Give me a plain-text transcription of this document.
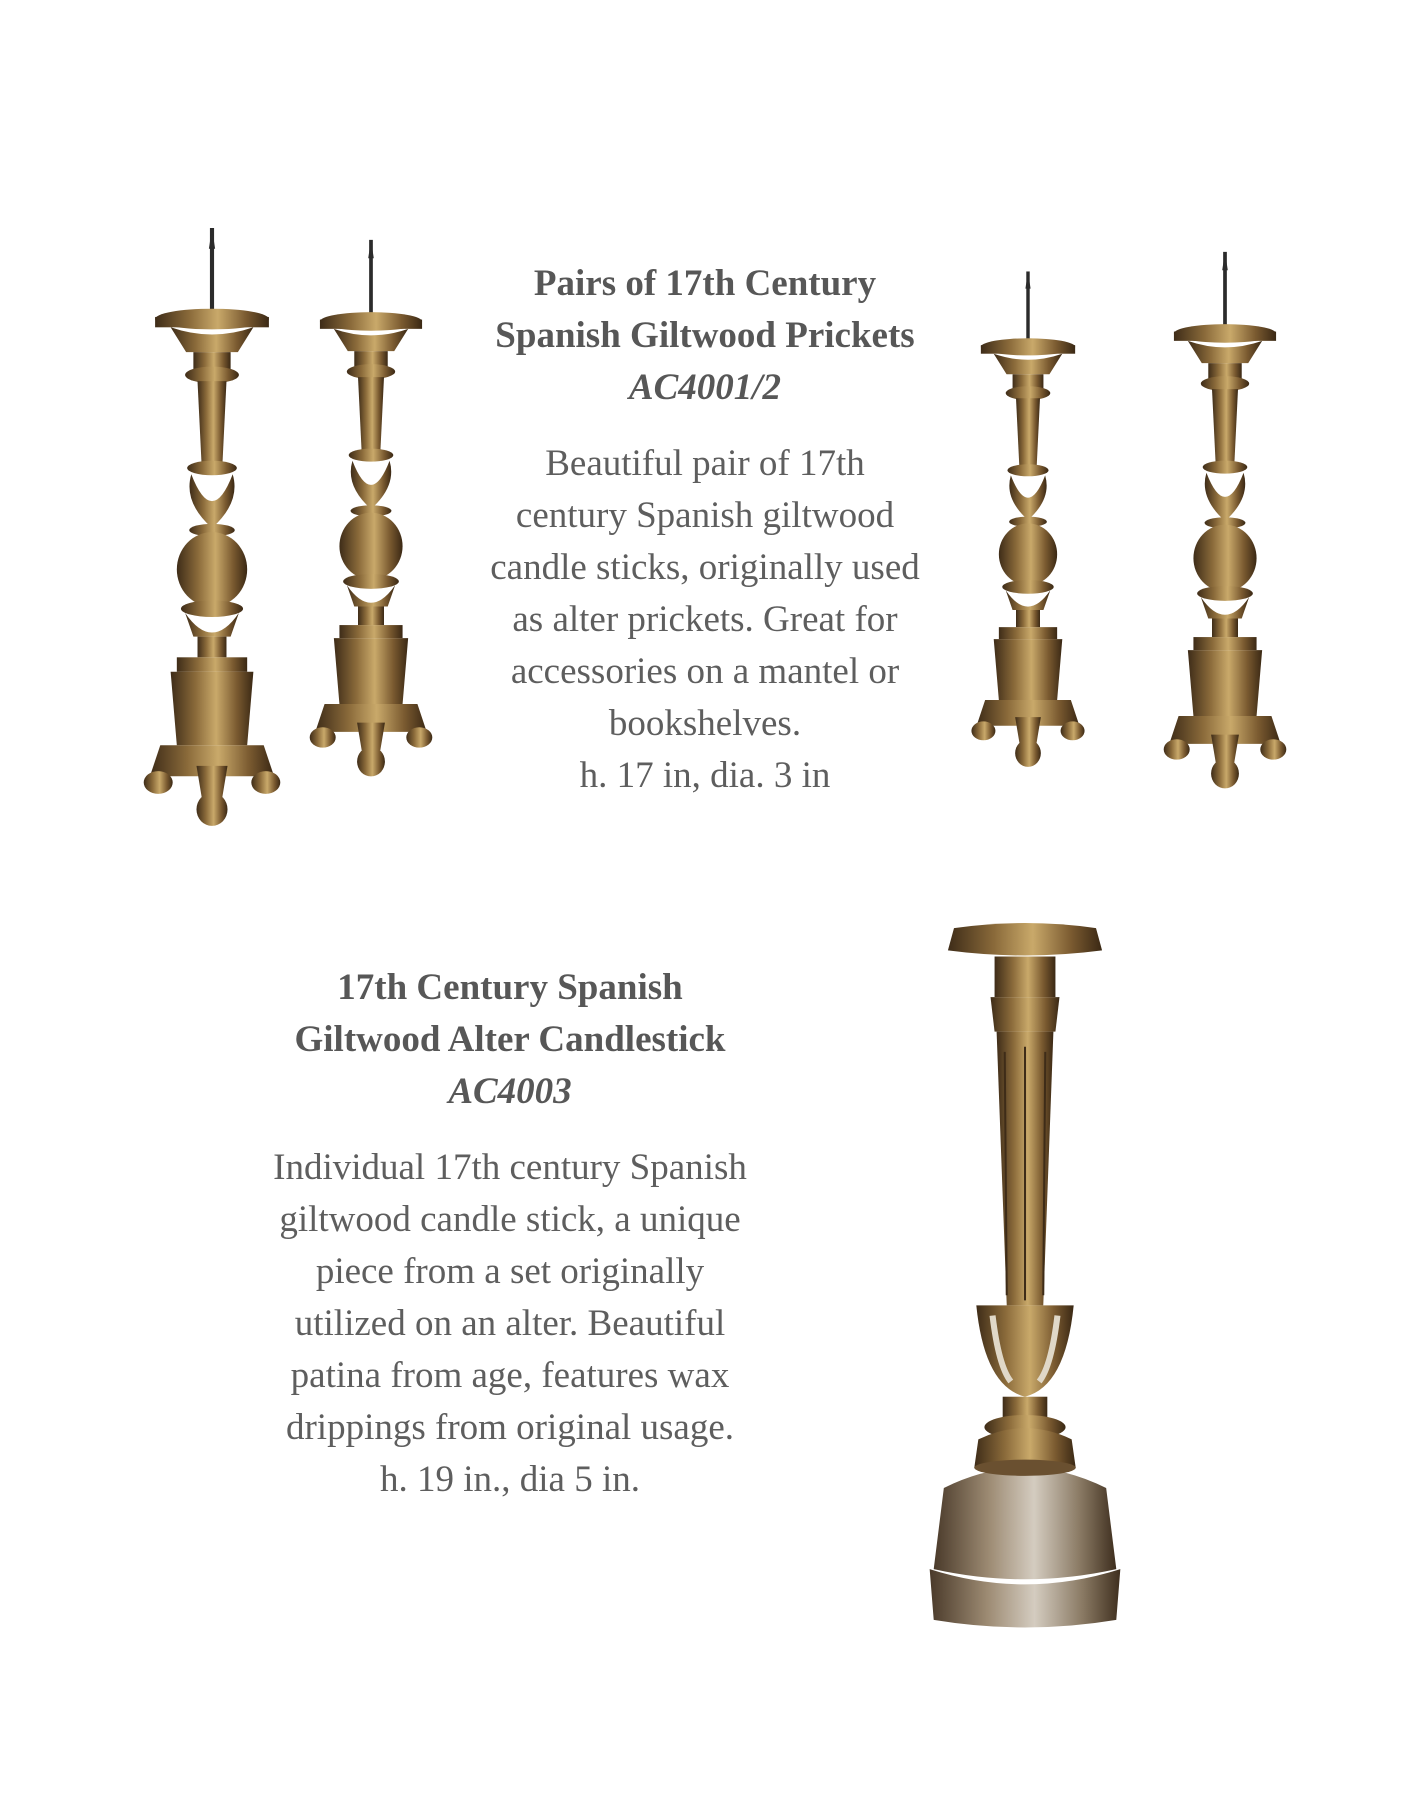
Pairs of 17th Century

Spanish Giltwood Prickets

AC4001/2

Beautiful pair of 17th
century Spanish giltwood
candle sticks, originally used
as alter prickets. Great for
accessories on a mantel or
bookshelves.

h. 17 in, dia. 3 in

17th Century Spanish

Giltwood Alter Candlestick

AC4003

Individual 17th century Spanish
giltwood candle stick, a unique
piece from a set originally
utilized on an alter. Beautiful
patina from age, features wax
drippings from original usage.

h. 19 in., dia 5 in.
